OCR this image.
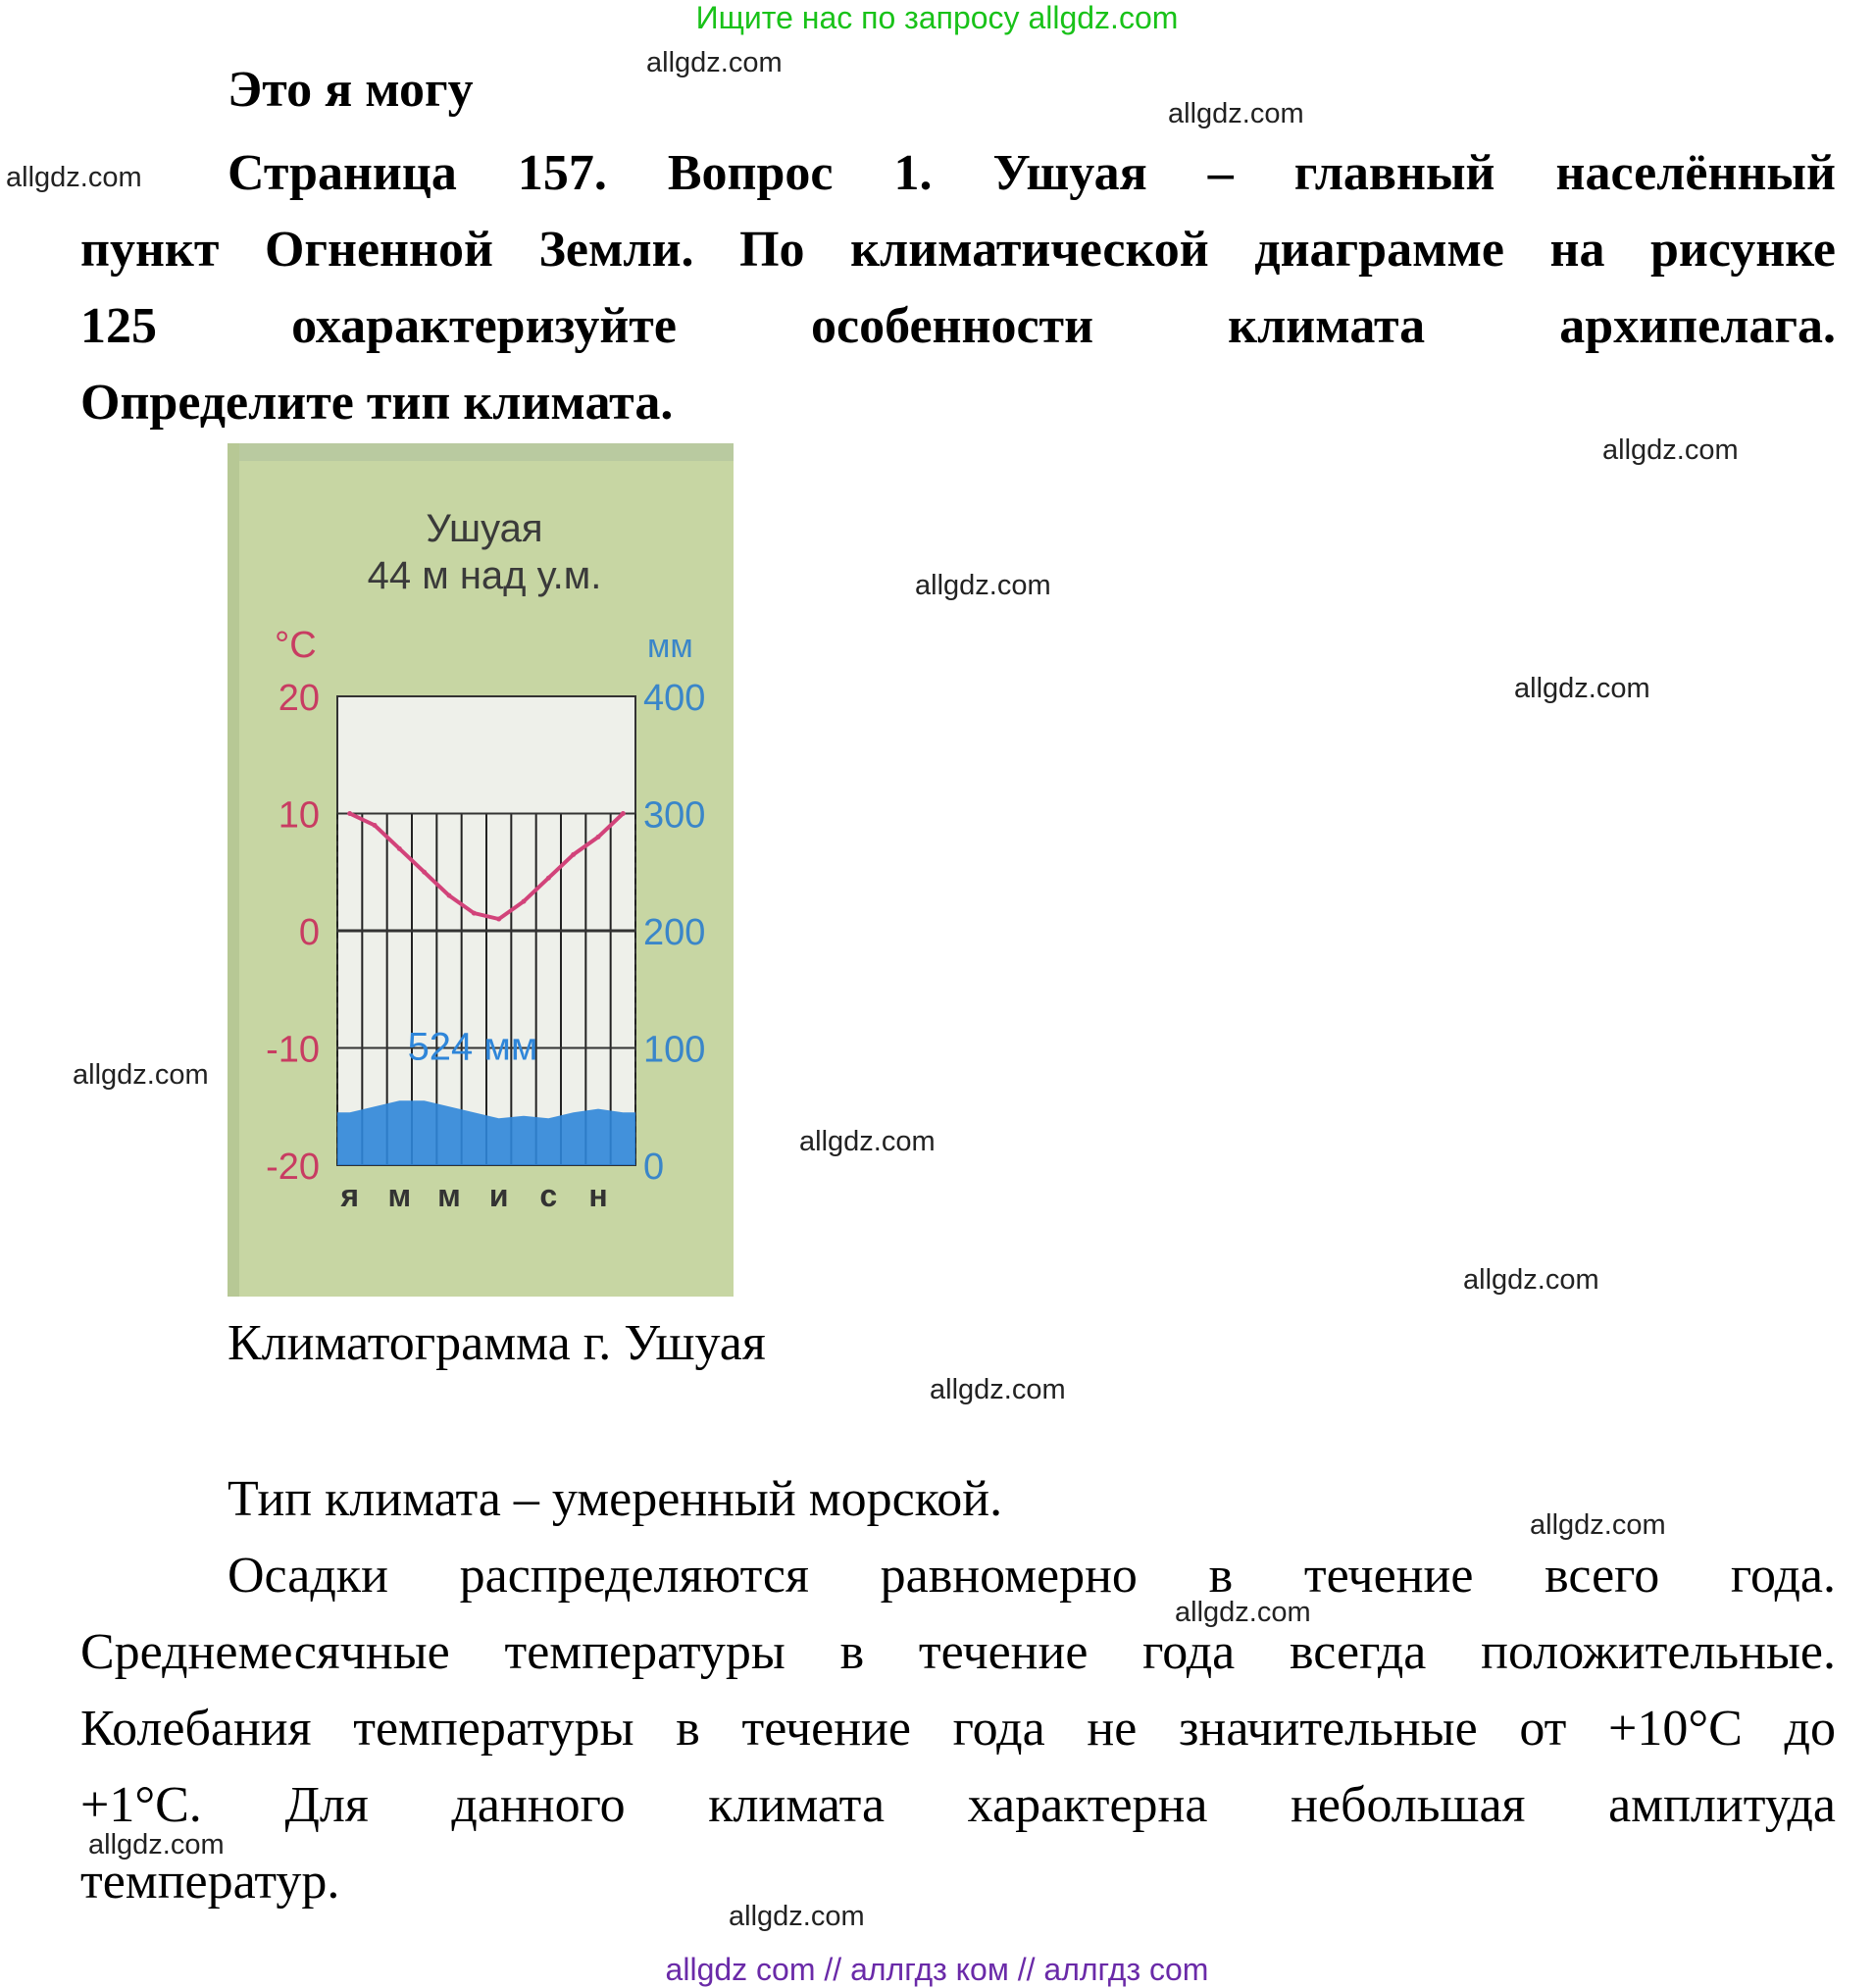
Ищите нас по запросу allgdz.com
allgdz.com
allgdz.com
allgdz.com
allgdz.com
allgdz.com
allgdz.com
allgdz.com
allgdz.com
allgdz.com
allgdz.com
allgdz.com
allgdz.com
allgdz.com
allgdz.com
Это я могу
Страница 157. Вопрос 1. Ушуая – главный населённый
пункт Огненной Земли. По климатической диаграмме на рисунке
125 охарактеризуйте особенности климата архипелага.
Определите тип климата.
Ушуая
44 м над у.м.
°С	мм
20
10
0
-10
-20
400
300
200
100
0
я м м и с н
524 мм
Климатограмма г. Ушуая
Тип климата – умеренный морской.
Осадки распределяются равномерно в течение всего года.
Среднемесячные температуры в течение года всегда положительные.
Колебания температуры в течение года не значительные от +10°С до
+1°С. Для данного климата характерна небольшая амплитуда
температур.
allgdz com // аллгдз ком // аллгдз com
